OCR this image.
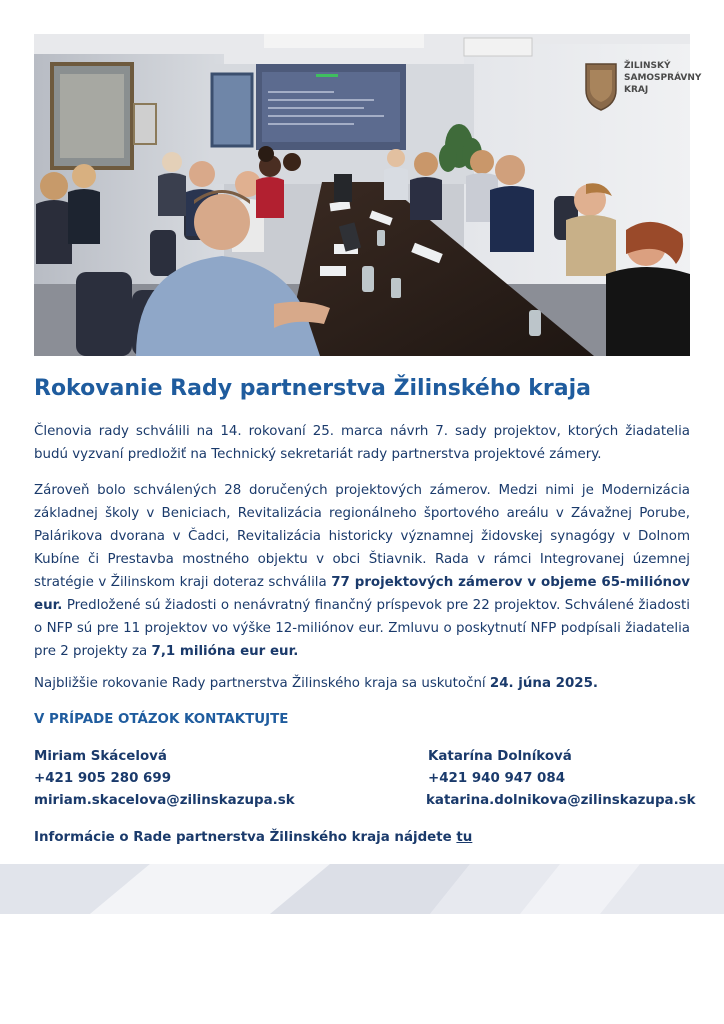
ŽILINSKÝ
SAMOSPRÁVNY
KRAJ
Rokovanie Rady partnerstva Žilinského kraja

Členovia rady schválili na 14. rokovaní 25. marca návrh 7. sady projektov, ktorých žiadatelia budú vyzvaní predložiť na Technický sekretariát rady partnerstva projektové zámery.

Zároveň bolo schválených 28 doručených projektových zámerov. Medzi nimi je Modernizácia základnej školy v Beniciach, Revitalizácia regionálneho športového areálu v Závažnej Porube, Palárikova dvorana v Čadci, Revitalizácia historicky významnej židovskej synagógy v Dolnom Kubíne či Prestavba mostného objektu v obci Štiavnik. Rada v rámci Integrovanej územnej stratégie v Žilinskom kraji doteraz schválila 77 projektových zámerov v objeme 65-miliónov eur. Predložené sú žiadosti o nenávratný finančný príspevok pre 22 projektov. Schválené žiadosti o NFP sú pre 11 projektov vo výške 12-miliónov eur. Zmluvu o poskytnutí NFP podpísali žiadatelia pre 2 projekty za 7,1 milióna eur eur.

Najbližšie rokovanie Rady partnerstva Žilinského kraja sa uskutoční 24. júna 2025.

V PRÍPADE OTÁZOK KONTAKTUJTE
Miriam Skácelová
+421 905 280 699
miriam.skacelova@zilinskazupa.sk
Katarína Dolníková
+421 940 947 084
katarina.dolnikova@zilinskazupa.sk

Informácie o Rade partnerstva Žilinského kraja nájdete tu
